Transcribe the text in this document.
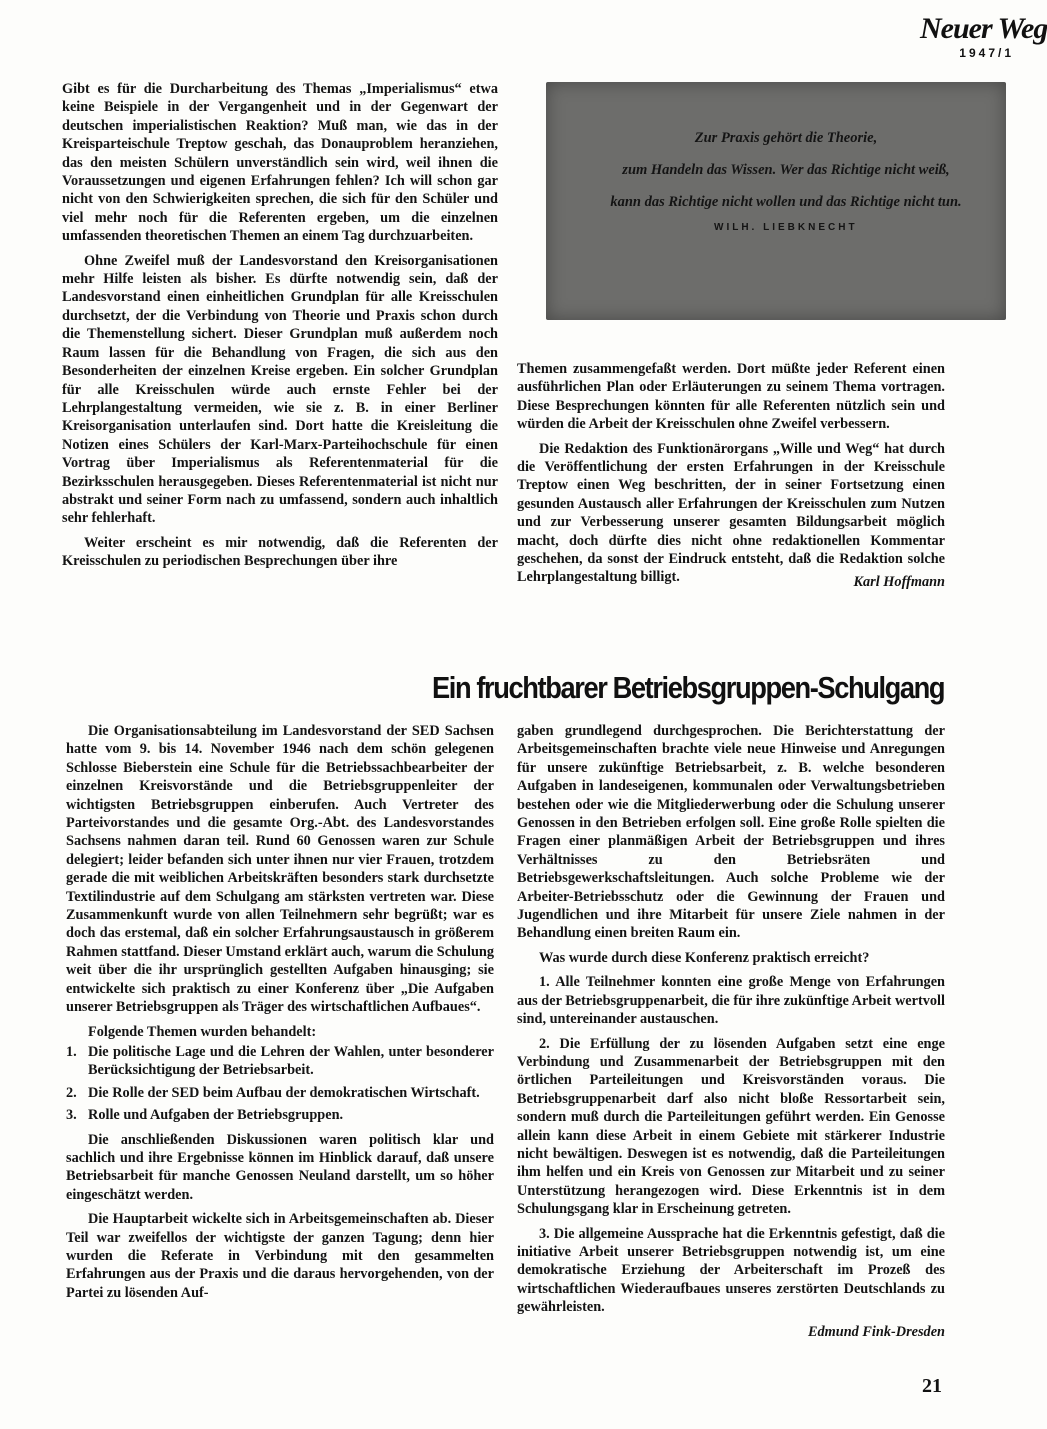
Neuer Weg
1947/1

Gibt es für die Durcharbeitung des Themas „Imperialismus“ etwa keine Beispiele in der Vergangenheit und in der Gegenwart der deutschen imperialistischen Reaktion? Muß man, wie das in der Kreisparteischule Treptow geschah, das Donauproblem heranziehen, das den meisten Schülern unverständlich sein wird, weil ihnen die Voraussetzungen und eigenen Erfahrungen fehlen? Ich will schon gar nicht von den Schwierigkeiten sprechen, die sich für den Schüler und viel mehr noch für die Referenten ergeben, um die einzelnen umfassenden theoretischen Themen an einem Tag durchzuarbeiten.

Ohne Zweifel muß der Landesvorstand den Kreisorganisationen mehr Hilfe leisten als bisher. Es dürfte notwendig sein, daß der Landesvorstand einen einheitlichen Grundplan für alle Kreisschulen durchsetzt, der die Verbindung von Theorie und Praxis schon durch die Themenstellung sichert. Dieser Grundplan muß außerdem noch Raum lassen für die Behandlung von Fragen, die sich aus den Besonderheiten der einzelnen Kreise ergeben. Ein solcher Grundplan für alle Kreisschulen würde auch ernste Fehler bei der Lehrplangestaltung vermeiden, wie sie z. B. in einer Berliner Kreisorganisation unterlaufen sind. Dort hatte die Kreisleitung die Notizen eines Schülers der Karl-Marx-Parteihochschule für einen Vortrag über Imperialismus als Referentenmaterial für die Bezirksschulen herausgegeben. Dieses Referentenmaterial ist nicht nur abstrakt und seiner Form nach zu umfassend, sondern auch inhaltlich sehr fehlerhaft.

Weiter erscheint es mir notwendig, daß die Referenten der Kreisschulen zu periodischen Besprechungen über ihre

Zur Praxis gehört die Theorie,
zum Handeln das Wissen. Wer das Richtige nicht weiß,
kann das Richtige nicht wollen und das Richtige nicht tun.
WILH. LIEBKNECHT

Themen zusammengefaßt werden. Dort müßte jeder Referent einen ausführlichen Plan oder Erläuterungen zu seinem Thema vortragen. Diese Besprechungen könnten für alle Referenten nützlich sein und würden die Arbeit der Kreisschulen ohne Zweifel verbessern.

Die Redaktion des Funktionärorgans „Wille und Weg“ hat durch die Veröffentlichung der ersten Erfahrungen in der Kreisschule Treptow einen Weg beschritten, der in seiner Fortsetzung einen gesunden Austausch aller Erfahrungen der Kreisschulen zum Nutzen und zur Verbesserung unserer gesamten Bildungsarbeit möglich macht, doch dürfte dies nicht ohne redaktionellen Kommentar geschehen, da sonst der Eindruck entsteht, daß die Redaktion solche Lehrplangestaltung billigt.	Karl Hoffmann
Ein fruchtbarer Betriebsgruppen-Schulgang

Die Organisationsabteilung im Landesvorstand der SED Sachsen hatte vom 9. bis 14. November 1946 nach dem schön gelegenen Schlosse Bieberstein eine Schule für die Betriebssachbearbeiter der einzelnen Kreisvorstände und die Betriebsgruppenleiter der wichtigsten Betriebsgruppen einberufen. Auch Vertreter des Parteivorstandes und die gesamte Org.-Abt. des Landesvorstandes Sachsens nahmen daran teil. Rund 60 Genossen waren zur Schule delegiert; leider befanden sich unter ihnen nur vier Frauen, trotzdem gerade die mit weiblichen Arbeitskräften besonders stark durchsetzte Textilindustrie auf dem Schulgang am stärksten vertreten war. Diese Zusammenkunft wurde von allen Teilnehmern sehr begrüßt; war es doch das erstemal, daß ein solcher Erfahrungsaustausch in größerem Rahmen stattfand. Dieser Umstand erklärt auch, warum die Schulung weit über die ihr ursprünglich gestellten Aufgaben hinausging; sie entwickelte sich praktisch zu einer Konferenz über „Die Aufgaben unserer Betriebsgruppen als Träger des wirtschaftlichen Aufbaues“.

Folgende Themen wurden behandelt:

1. Die politische Lage und die Lehren der Wahlen, unter besonderer Berücksichtigung der Betriebsarbeit.
2. Die Rolle der SED beim Aufbau der demokratischen Wirtschaft.
3. Rolle und Aufgaben der Betriebsgruppen.

Die anschließenden Diskussionen waren politisch klar und sachlich und ihre Ergebnisse können im Hinblick darauf, daß unsere Betriebsarbeit für manche Genossen Neuland darstellt, um so höher eingeschätzt werden.

Die Hauptarbeit wickelte sich in Arbeitsgemeinschaften ab. Dieser Teil war zweifellos der wichtigste der ganzen Tagung; denn hier wurden die Referate in Verbindung mit den gesammelten Erfahrungen aus der Praxis und die daraus hervorgehenden, von der Partei zu lösenden Auf-

gaben grundlegend durchgesprochen. Die Berichterstattung der Arbeitsgemeinschaften brachte viele neue Hinweise und Anregungen für unsere zukünftige Betriebsarbeit, z. B. welche besonderen Aufgaben in landeseigenen, kommunalen oder Verwaltungsbetrieben bestehen oder wie die Mitgliederwerbung oder die Schulung unserer Genossen in den Betrieben erfolgen soll. Eine große Rolle spielten die Fragen einer planmäßigen Arbeit der Betriebsgruppen und ihres Verhältnisses zu den Betriebsräten und Betriebsgewerkschaftsleitungen. Auch solche Probleme wie der Arbeiter-Betriebsschutz oder die Gewinnung der Frauen und Jugendlichen und ihre Mitarbeit für unsere Ziele nahmen in der Behandlung einen breiten Raum ein.

Was wurde durch diese Konferenz praktisch erreicht?

1. Alle Teilnehmer konnten eine große Menge von Erfahrungen aus der Betriebsgruppenarbeit, die für ihre zukünftige Arbeit wertvoll sind, untereinander austauschen.

2. Die Erfüllung der zu lösenden Aufgaben setzt eine enge Verbindung und Zusammenarbeit der Betriebsgruppen mit den örtlichen Parteileitungen und Kreisvorständen voraus. Die Betriebsgruppenarbeit darf also nicht bloße Ressortarbeit sein, sondern muß durch die Parteileitungen geführt werden. Ein Genosse allein kann diese Arbeit in einem Gebiete mit stärkerer Industrie nicht bewältigen. Deswegen ist es notwendig, daß die Parteileitungen ihm helfen und ein Kreis von Genossen zur Mitarbeit und zu seiner Unterstützung herangezogen wird. Diese Erkenntnis ist in dem Schulungsgang klar in Erscheinung getreten.

3. Die allgemeine Aussprache hat die Erkenntnis gefestigt, daß die initiative Arbeit unserer Betriebsgruppen notwendig ist, um eine demokratische Erziehung der Arbeiterschaft im Prozeß des wirtschaftlichen Wiederaufbaues unseres zerstörten Deutschlands zu gewährleisten.

Edmund Fink-Dresden
21
